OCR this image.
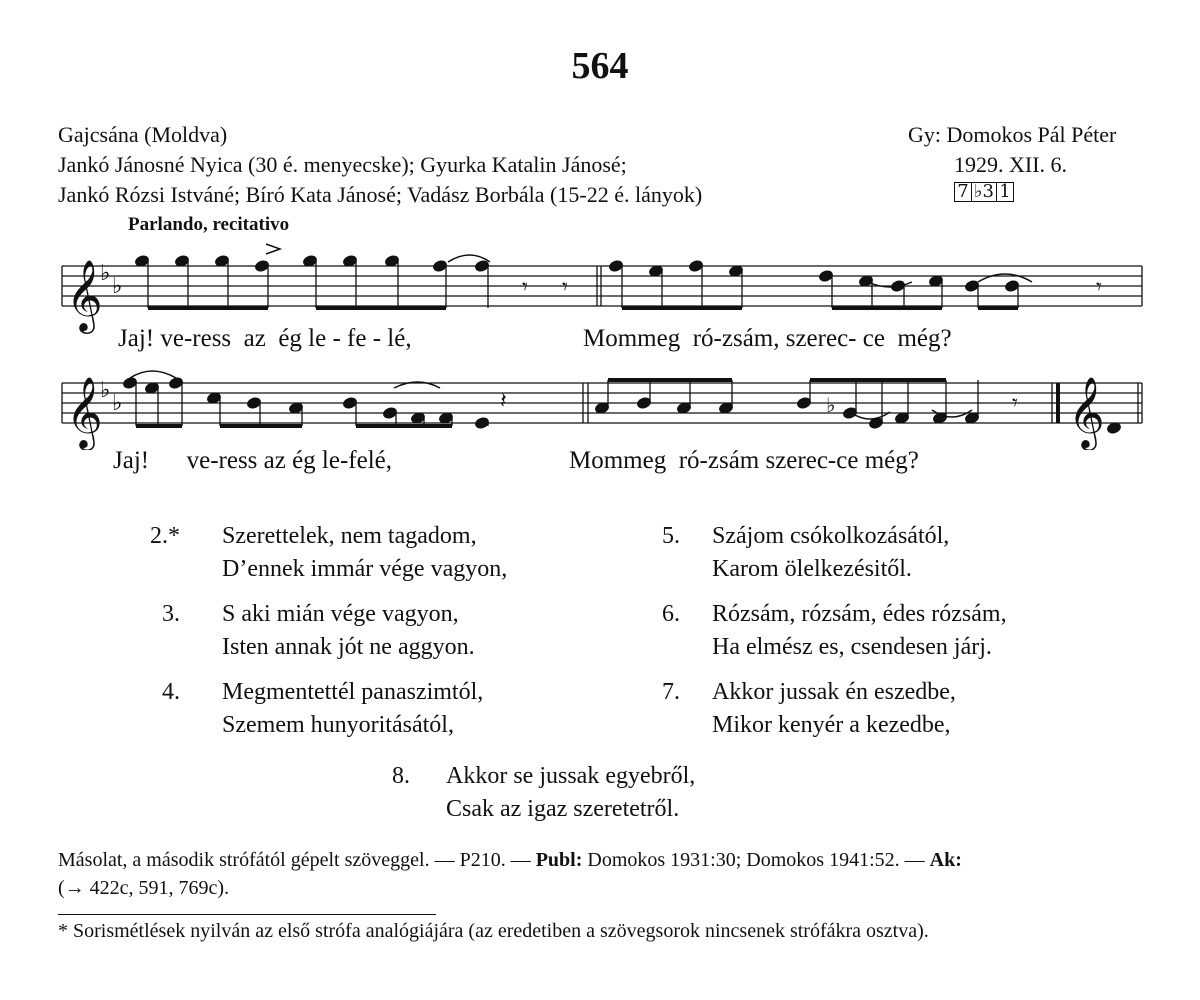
564
Gajcsána (Moldva)
Jankó Jánosné Nyica (30 é. menyecske); Gyurka Katalin Jánosé;
Jankó Rózsi Istváné; Bíró Kata Jánosé; Vadász Borbála (15-22 é. lányok)
Gy: Domokos Pál Péter
1929. XII. 6.
7 ♭3 1
Parlando, recitativo
𝄞
𝄞	𝄞
♭
♭
♭
♭	♭
𝄾 𝄾	𝄾
𝄽	𝄾
Jaj! ve-ress  az  ég le - fe - lé,	Mommeg  ró-zsám, szerec- ce  még?
Jaj!      ve-ress az ég le-felé,	Mommeg  ró-zsám szerec-ce még?
2.* Szerettelek, nem tagadom,
D’ennek immár vége vagyon,
3. S aki mián vége vagyon,
Isten annak jót ne aggyon.
4. Megmentettél panaszimtól,
Szemem hunyoritásától,
5. Szájom csókolkozásától,
Karom ölelkezésitől.
6. Rózsám, rózsám, édes rózsám,
Ha elmész es, csendesen járj.
7. Akkor jussak én eszedbe,
Mikor kenyér a kezedbe,
8. Akkor se jussak egyebről,
Csak az igaz szeretetről.
Másolat, a második strófától gépelt szöveggel. — P210. — Publ: Domokos 1931:30; Domokos 1941:52. — Ak:
(→ 422c, 591, 769c).
* Sorismétlések nyilván az első strófa analógiájára (az eredetiben a szövegsorok nincsenek strófákra osztva).
